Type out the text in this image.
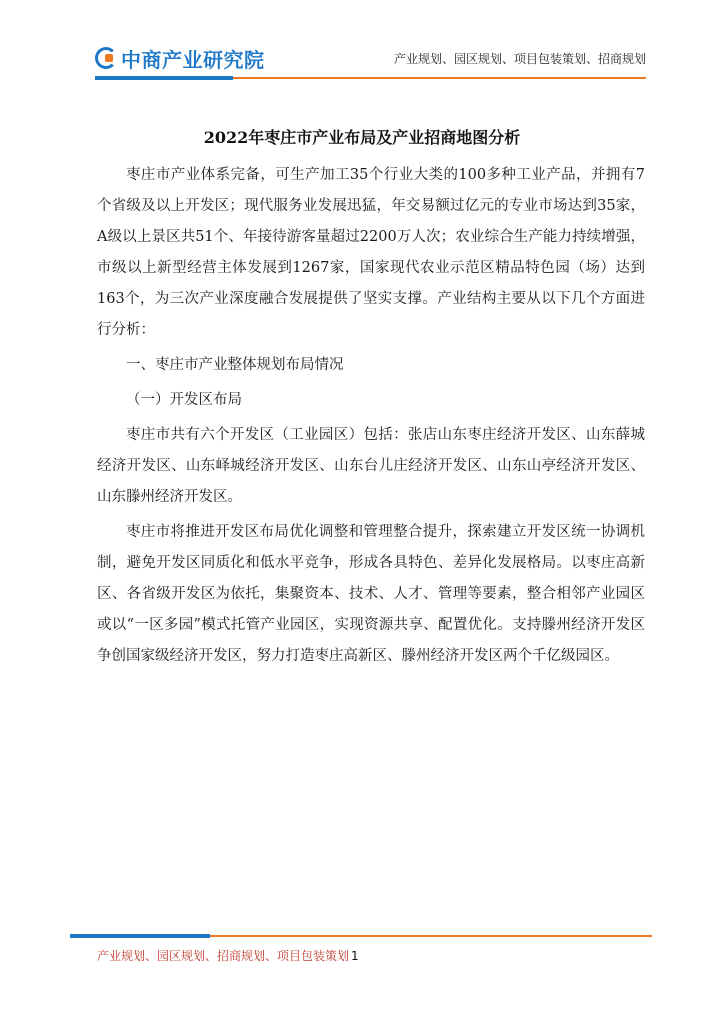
中商产业研究院	产业规划、园区规划、项目包装策划、招商规划
2022年枣庄市产业布局及产业招商地图分析

枣庄市产业体系完备，可生产加工35个行业大类的100多种工业产品，并拥有7个省级及以上开发区；现代服务业发展迅猛，年交易额过亿元的专业市场达到35家，A级以上景区共51个、年接待游客量超过2200万人次；农业综合生产能力持续增强，市级以上新型经营主体发展到1267家，国家现代农业示范区精品特色园（场）达到163个，为三次产业深度融合发展提供了坚实支撑。产业结构主要从以下几个方面进行分析：

一、枣庄市产业整体规划布局情况

（一）开发区布局

枣庄市共有六个开发区（工业园区）包括：张店山东枣庄经济开发区、山东薛城经济开发区、山东峄城经济开发区、山东台儿庄经济开发区、山东山亭经济开发区、山东滕州经济开发区。

枣庄市将推进开发区布局优化调整和管理整合提升，探索建立开发区统一协调机制，避免开发区同质化和低水平竞争，形成各具特色、差异化发展格局。以枣庄高新区、各省级开发区为依托，集聚资本、技术、人才、管理等要素，整合相邻产业园区或以“一区多园”模式托管产业园区，实现资源共享、配置优化。支持滕州经济开发区争创国家级经济开发区，努力打造枣庄高新区、滕州经济开发区两个千亿级园区。

产业规划、园区规划、招商规划、项目包装策划 1
